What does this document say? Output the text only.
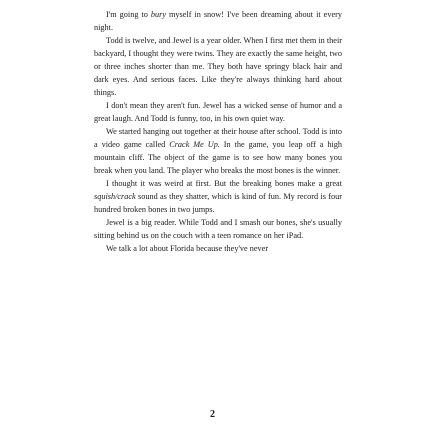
I'm going to bury myself in snow! I've been dreaming about it every night.

Todd is twelve, and Jewel is a year older. When I first met them in their backyard, I thought they were twins. They are exactly the same height, two or three inches shorter than me. They both have springy black hair and dark eyes. And serious faces. Like they're always thinking hard about things.

I don't mean they aren't fun. Jewel has a wicked sense of humor and a great laugh. And Todd is funny, too, in his own quiet way.

We started hanging out together at their house after school. Todd is into a video game called Crack Me Up. In the game, you leap off a high mountain cliff. The object of the game is to see how many bones you break when you land. The player who breaks the most bones is the winner.

I thought it was weird at first. But the breaking bones make a great squish/crack sound as they shatter, which is kind of fun. My record is four hundred broken bones in two jumps.

Jewel is a big reader. While Todd and I smash our bones, she's usually sitting behind us on the couch with a teen romance on her iPad.

We talk a lot about Florida because they've never

2
